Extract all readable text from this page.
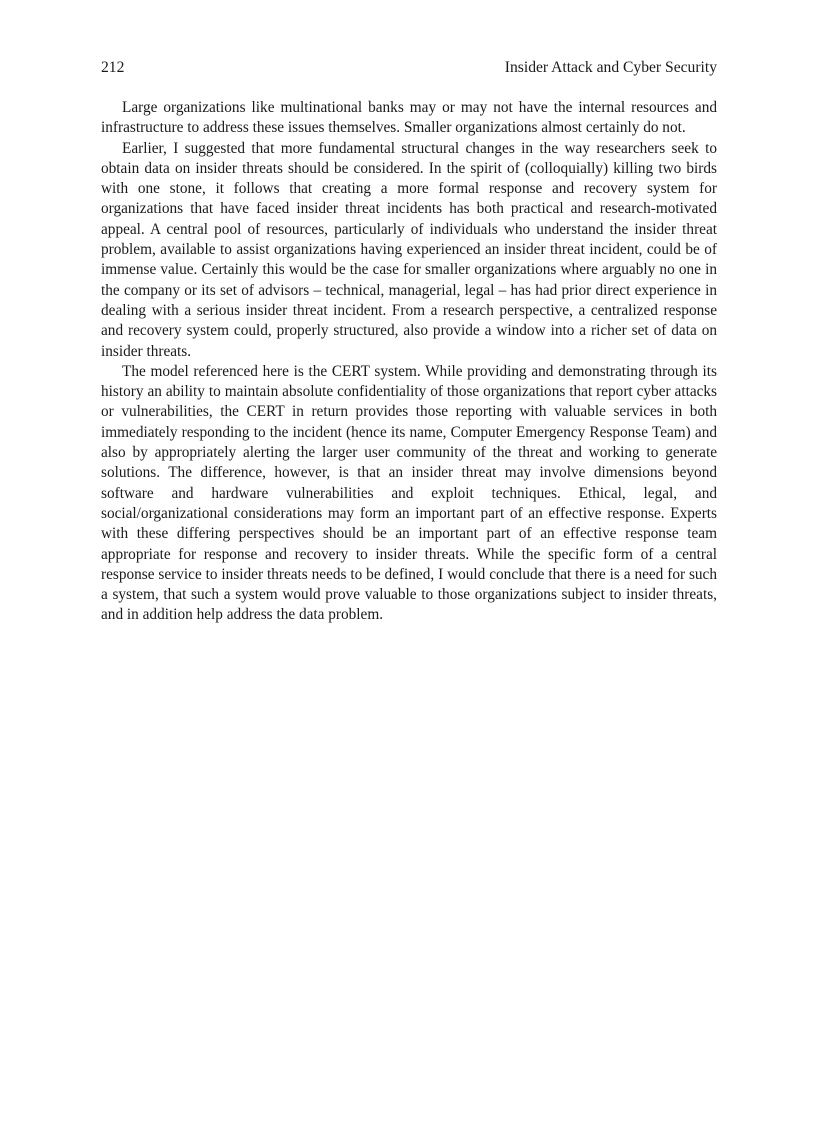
212	Insider Attack and Cyber Security

Large organizations like multinational banks may or may not have the internal resources and infrastructure to address these issues themselves. Smaller organizations almost certainly do not.

Earlier, I suggested that more fundamental structural changes in the way researchers seek to obtain data on insider threats should be considered. In the spirit of (colloquially) killing two birds with one stone, it follows that creating a more formal response and recovery system for organizations that have faced insider threat incidents has both practical and research-motivated appeal. A central pool of resources, particularly of individuals who understand the insider threat problem, available to assist organizations having experienced an insider threat incident, could be of immense value. Certainly this would be the case for smaller organizations where arguably no one in the company or its set of advisors – technical, managerial, legal – has had prior direct experience in dealing with a serious insider threat incident. From a research perspective, a centralized response and recovery system could, properly structured, also provide a window into a richer set of data on insider threats.

The model referenced here is the CERT system. While providing and demonstrating through its history an ability to maintain absolute confidentiality of those organizations that report cyber attacks or vulnerabilities, the CERT in return provides those reporting with valuable services in both immediately responding to the incident (hence its name, Computer Emergency Response Team) and also by appropriately alerting the larger user community of the threat and working to generate solutions. The difference, however, is that an insider threat may involve dimensions beyond software and hardware vulnerabilities and exploit techniques. Ethical, legal, and social/organizational considerations may form an important part of an effective response. Experts with these differing perspectives should be an important part of an effective response team appropriate for response and recovery to insider threats. While the specific form of a central response service to insider threats needs to be defined, I would conclude that there is a need for such a system, that such a system would prove valuable to those organizations subject to insider threats, and in addition help address the data problem.
